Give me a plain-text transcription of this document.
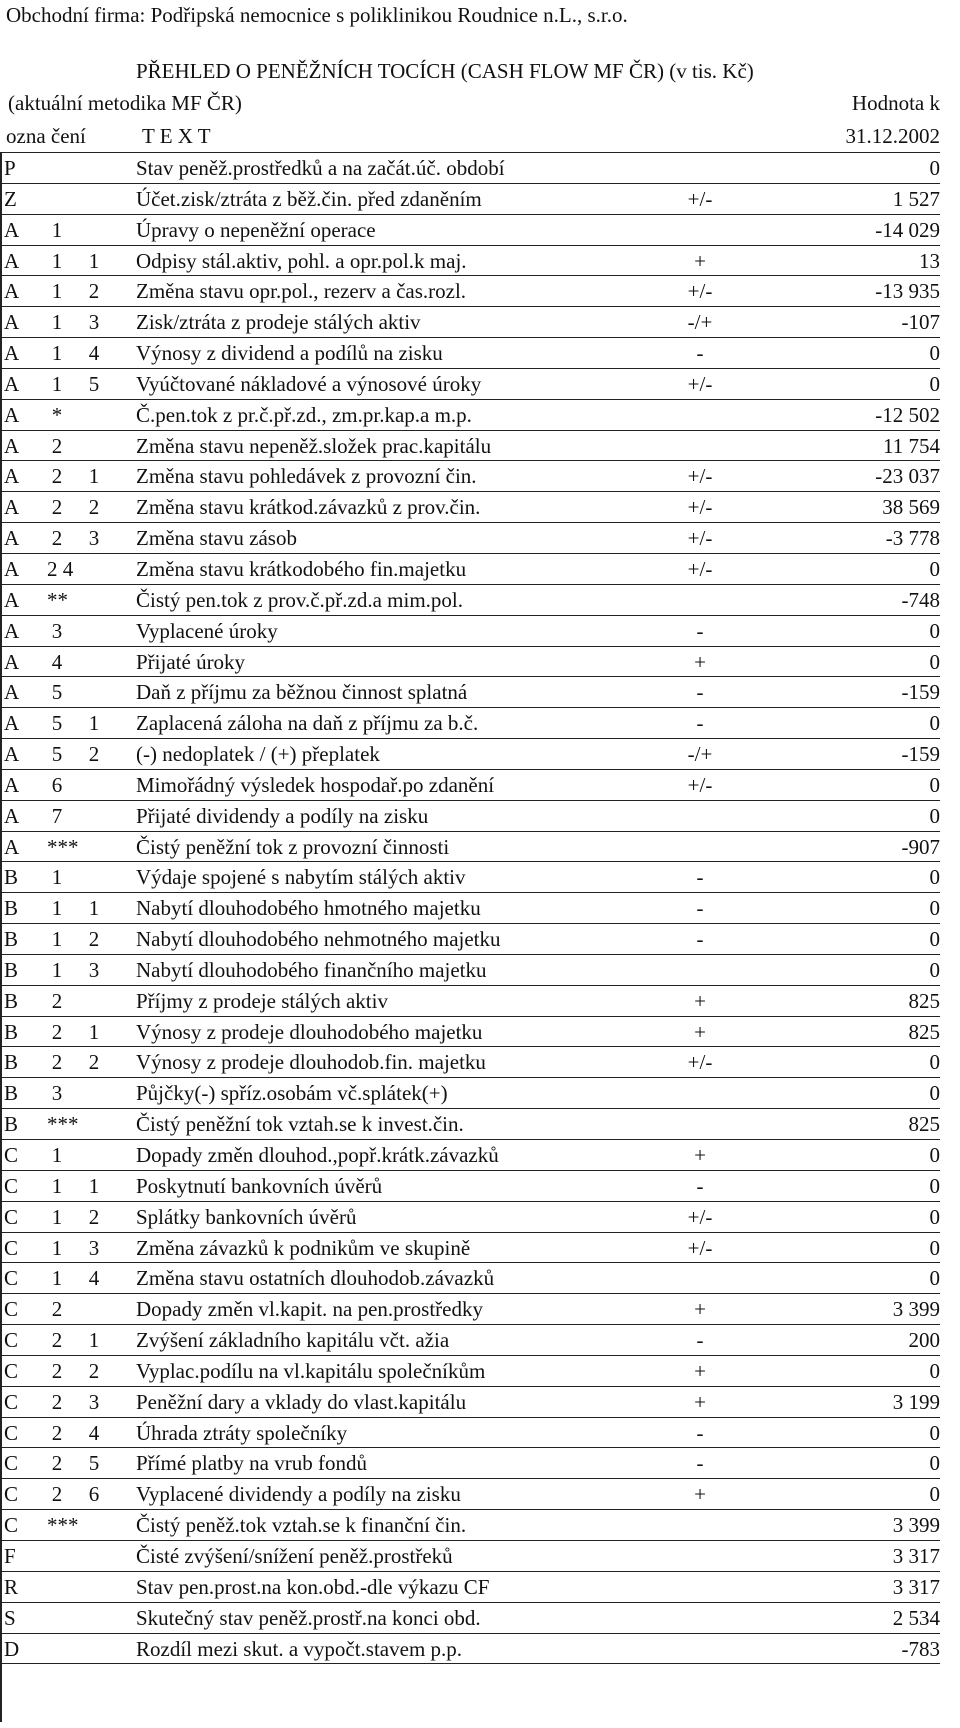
Obchodní firma: Podřipská nemocnice s poliklinikou Roudnice n.L., s.r.o.
PŘEHLED O PENĚŽNÍCH TOCÍCH (CASH FLOW MF ČR) (v tis. Kč)
(aktuální metodika MF ČR)	Hodnota k
ozna čení	T E X T	31.12.2002
P	Stav peněž.prostředků a na začát.úč. období	0
Z	Účet.zisk/ztráta z běž.čin. před zdaněním	+/-	1 527
A 1	Úpravy o nepeněžní operace	-14 029
A 1 1 Odpisy stál.aktiv, pohl. a opr.pol.k maj.	+	13
A 1 2 Změna stavu opr.pol., rezerv a čas.rozl.	+/-	-13 935
A 1 3 Zisk/ztráta z prodeje stálých aktiv	-/+	-107
A 1 4 Výnosy z dividend a podílů na zisku	-	0
A 1 5 Vyúčtované nákladové a výnosové úroky	+/-	0
A *	Č.pen.tok z pr.č.př.zd., zm.pr.kap.a m.p.	-12 502
A 2	Změna stavu nepeněž.složek prac.kapitálu	11 754
A 2 1 Změna stavu pohledávek z provozní čin.	+/-	-23 037
A 2 2 Změna stavu krátkod.závazků z prov.čin.	+/-	38 569
A 2 3 Změna stavu zásob	+/-	-3 778
A 2 4	Změna stavu krátkodobého fin.majetku	+/-	0
A **	Čistý pen.tok z prov.č.př.zd.a mim.pol.	-748
A 3	Vyplacené úroky	-	0
A 4	Přijaté úroky	+	0
A 5	Daň z příjmu za běžnou činnost splatná	-	-159
A 5 1 Zaplacená záloha na daň z příjmu za b.č.	-	0
A 5 2 (-) nedoplatek / (+) přeplatek	-/+	-159
A 6	Mimořádný výsledek hospodař.po zdanění	+/-	0
A 7	Přijaté dividendy a podíly na zisku	0
A ***	Čistý peněžní tok z provozní činnosti	-907
B 1	Výdaje spojené s nabytím stálých aktiv	-	0
B 1 1 Nabytí dlouhodobého hmotného majetku	-	0
B 1 2 Nabytí dlouhodobého nehmotného majetku	-	0
B 1 3 Nabytí dlouhodobého finančního majetku	0
B 2	Příjmy z prodeje stálých aktiv	+	825
B 2 1 Výnosy z prodeje dlouhodobého majetku	+	825
B 2 2 Výnosy z prodeje dlouhodob.fin. majetku	+/-	0
B 3	Půjčky(-) spříz.osobám vč.splátek(+)	0
B ***	Čistý peněžní tok vztah.se k invest.čin.	825
C 1	Dopady změn dlouhod.,popř.krátk.závazků	+	0
C 1 1 Poskytnutí bankovních úvěrů	-	0
C 1 2 Splátky bankovních úvěrů	+/-	0
C 1 3 Změna závazků k podnikům ve skupině	+/-	0
C 1 4 Změna stavu ostatních dlouhodob.závazků	0
C 2	Dopady změn vl.kapit. na pen.prostředky	+	3 399
C 2 1 Zvýšení základního kapitálu včt. ažia	-	200
C 2 2 Vyplac.podílu na vl.kapitálu společníkům	+	0
C 2 3 Peněžní dary a vklady do vlast.kapitálu	+	3 199
C 2 4 Úhrada ztráty společníky	-	0
C 2 5 Přímé platby na vrub fondů	-	0
C 2 6 Vyplacené dividendy a podíly na zisku	+	0
C ***	Čistý peněž.tok vztah.se k finanční čin.	3 399
F	Čisté zvýšení/snížení peněž.prostřeků	3 317
R	Stav pen.prost.na kon.obd.-dle výkazu CF	3 317
S	Skutečný stav peněž.prostř.na konci obd.	2 534
D	Rozdíl mezi skut. a vypočt.stavem p.p.	-783
